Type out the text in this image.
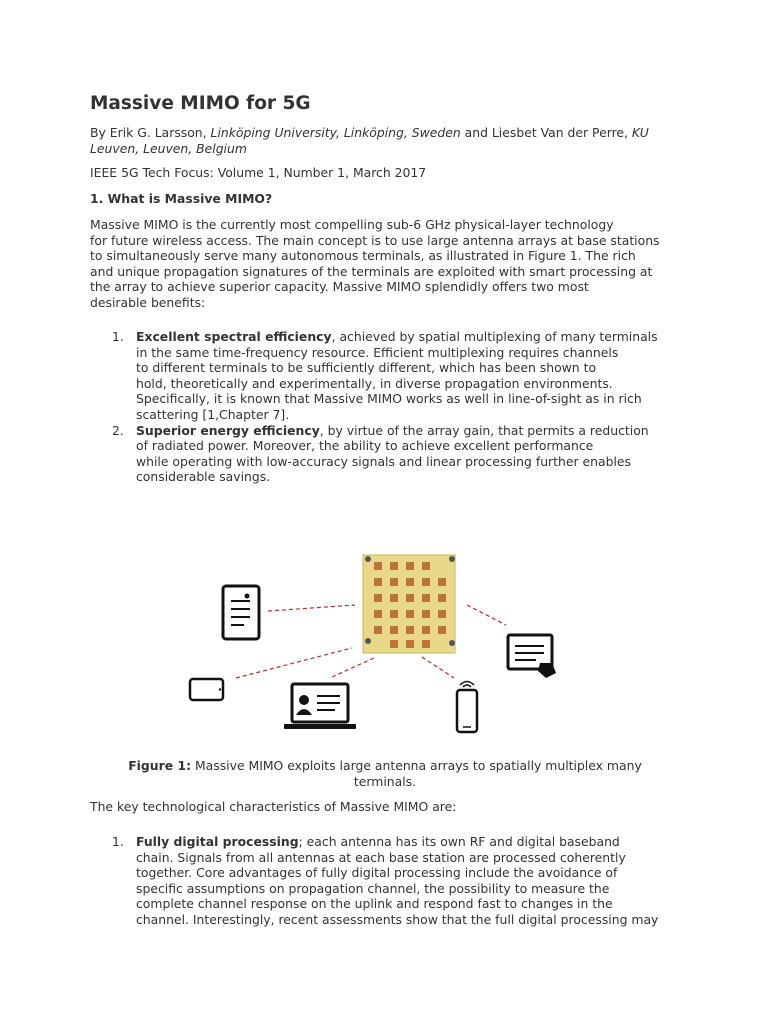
Massive MIMO for 5G
By Erik G. Larsson, Linköping University, Linköping, Sweden and Liesbet Van der Perre, KU
Leuven, Leuven, Belgium
IEEE 5G Tech Focus: Volume 1, Number 1, March 2017
1. What is Massive MIMO?
Massive MIMO is the currently most compelling sub-6 GHz physical-layer technology
for future wireless access. The main concept is to use large antenna arrays at base stations
to simultaneously serve many autonomous terminals, as illustrated in Figure 1. The rich
and unique propagation signatures of the terminals are exploited with smart processing at
the array to achieve superior capacity. Massive MIMO splendidly offers two most
desirable benefits:
1. Excellent spectral efficiency, achieved by spatial multiplexing of many terminals
in the same time-frequency resource. Efficient multiplexing requires channels
to different terminals to be sufficiently different, which has been shown to
hold, theoretically and experimentally, in diverse propagation environments.
Specifically, it is known that Massive MIMO works as well in line-of-sight as in rich
scattering [1,Chapter 7].
2. Superior energy efficiency, by virtue of the array gain, that permits a reduction
of radiated power. Moreover, the ability to achieve excellent performance
while operating with low-accuracy signals and linear processing further enables
considerable savings.
Figure 1: Massive MIMO exploits large antenna arrays to spatially multiplex many
terminals.
The key technological characteristics of Massive MIMO are:
1. Fully digital processing; each antenna has its own RF and digital baseband
chain. Signals from all antennas at each base station are processed coherently
together. Core advantages of fully digital processing include the avoidance of
specific assumptions on propagation channel, the possibility to measure the
complete channel response on the uplink and respond fast to changes in the
channel. Interestingly, recent assessments show that the full digital processing may
